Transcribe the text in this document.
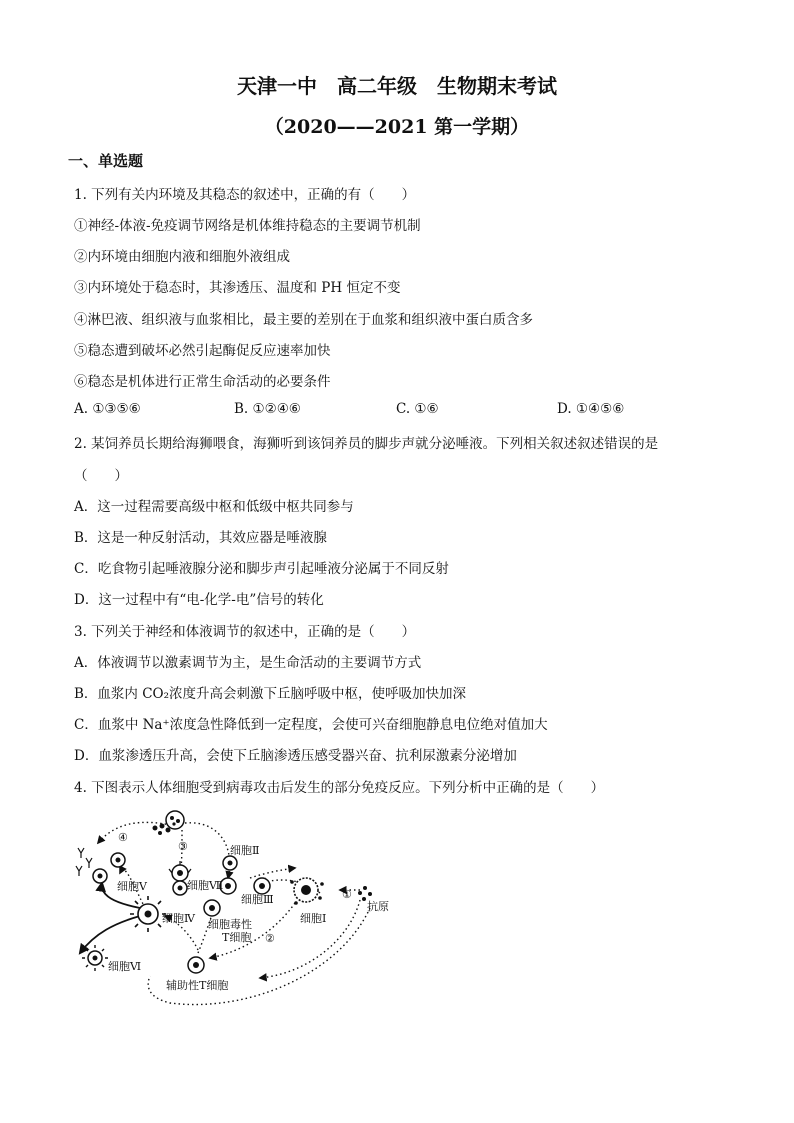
天津一中　高二年级　生物期末考试
（2020——2021 第一学期）
一、单选题
1. 下列有关内环境及其稳态的叙述中，正确的有（　　）
①神经-体液-免疫调节网络是机体维持稳态的主要调节机制
②内环境由细胞内液和细胞外液组成
③内环境处于稳态时，其渗透压、温度和 PH 恒定不变
④淋巴液、组织液与血浆相比，最主要的差别在于血浆和组织液中蛋白质含多
⑤稳态遭到破坏必然引起酶促反应速率加快
⑥稳态是机体进行正常生命活动的必要条件
A. ①③⑤⑥	B. ①②④⑥	C. ①⑥	D. ①④⑤⑥
2. 某饲养员长期给海狮喂食，海狮听到该饲养员的脚步声就分泌唾液。下列相关叙述叙述错误的是
（　　）
A．这一过程需要高级中枢和低级中枢共同参与
B．这是一种反射活动，其效应器是唾液腺
C．吃食物引起唾液腺分泌和脚步声引起唾液分泌属于不同反射
D．这一过程中有“电-化学-电”信号的转化
3. 下列关于神经和体液调节的叙述中，正确的是（　　）
A．体液调节以激素调节为主，是生命活动的主要调节方式
B．血浆内 CO₂浓度升高会刺激下丘脑呼吸中枢，使呼吸加快加深
C．血浆中 Na⁺浓度急性降低到一定程度，会使可兴奋细胞静息电位绝对值加大
D．血浆渗透压升高，会使下丘脑渗透压感受器兴奋、抗利尿激素分泌增加
4. 下图表示人体细胞受到病毒攻击后发生的部分免疫反应。下列分析中正确的是（　　）
④
③
①
②
细胞Ⅱ
细胞Ⅴ	细胞Ⅶ
细胞Ⅲ
细胞Ⅰ
抗原
细胞Ⅳ 细胞毒性
T细胞
细胞Ⅵ
辅助性T细胞
